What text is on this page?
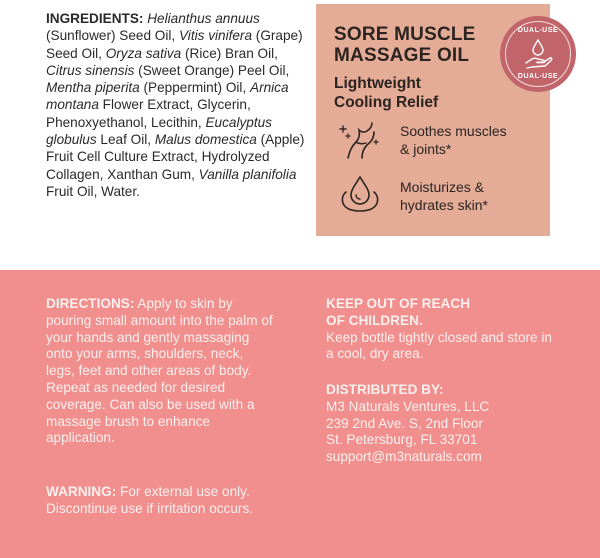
INGREDIENTS: Helianthus annuus (Sunflower) Seed Oil, Vitis vinifera (Grape) Seed Oil, Oryza sativa (Rice) Bran Oil, Citrus sinensis (Sweet Orange) Peel Oil, Mentha piperita (Peppermint) Oil, Arnica montana Flower Extract, Glycerin, Phenoxyethanol, Lecithin, Eucalyptus globulus Leaf Oil, Malus domestica (Apple) Fruit Cell Culture Extract, Hydrolyzed Collagen, Xanthan Gum, Vanilla planifolia Fruit Oil, Water.
SORE MUSCLE
MASSAGE OIL
Lightweight
Cooling Relief
DUAL-USE
DUAL-USE
Soothes muscles
& joints*
Moisturizes &
hydrates skin*

DIRECTIONS: Apply to skin by pouring small amount into the palm of your hands and gently massaging onto your arms, shoulders, neck, legs, feet and other areas of body. Repeat as needed for desired coverage. Can also be used with a massage brush to enhance application.

WARNING: For external use only. Discontinue use if irritation occurs.

KEEP OUT OF REACH
OF CHILDREN.
Keep bottle tightly closed and store in a cool, dry area.
DISTRIBUTED BY:
M3 Naturals Ventures, LLC
239 2nd Ave. S, 2nd Floor
St. Petersburg, FL 33701
support@m3naturals.com
